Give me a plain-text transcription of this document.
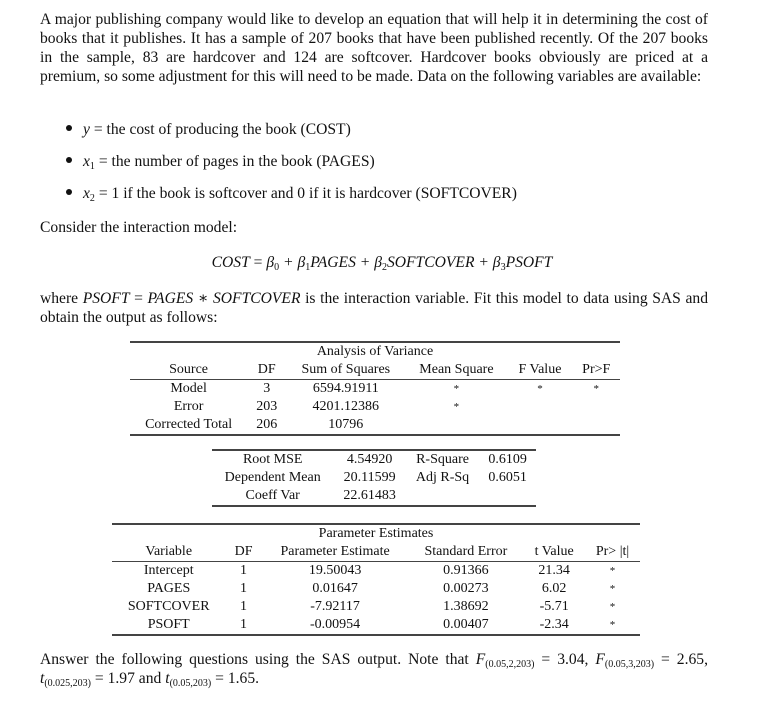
A major publishing company would like to develop an equation that will help it in determining the cost of books that it publishes. It has a sample of 207 books that have been published recently. Of the 207 books in the sample, 83 are hardcover and 124 are softcover. Hardcover books obviously are priced at a premium, so some adjustment for this will need to be made. Data on the following variables are available:
y = the cost of producing the book (COST)
$x_1$ = the number of pages in the book (PAGES)
$x_2 = 1$ if the book is softcover and 0 if it is hardcover (SOFTCOVER)
Consider the interaction model:
COST = $\beta_0$ + $\beta_1PAGES$ + $\beta_2SOFTCOVER$ + $\beta_3PSOFT$
where PSOFT = PAGES ∗ SOFTCOVER is the interaction variable. Fit this model to data using SAS and obtain the output as follows:
Analysis of Variance					
Source	DF	Sum of Squares	Mean Square	F Value	Pr>F
Model	3	6594.91911	*	*	*
Error	203	4201.12386	*		
Corrected Total	206	10796			
Root MSE	4.54920	R-Square	0.6109
Dependent Mean	20.11599	Adj R-Sq	0.6051
Coeff Var	22.61483		
Parameter Estimates					
Variable	DF	Parameter Estimate	Standard Error	t Value	Pr> |t|
Intercept	1	19.50043	0.91366	21.34	*
PAGES	1	0.01647	0.00273	6.02	*
SOFTCOVER	1	-7.92117	1.38692	-5.71	*
PSOFT	1	-0.00954	0.00407	-2.34	*
Answer the following questions using the SAS output. Note that $F_{(0.05,2,203)} = 3.04$, $F_{(0.05,3,203)} = 2.65$, $t_{(0.025,203)} = 1.97$ and $t_{(0.05,203)} = 1.65$.
